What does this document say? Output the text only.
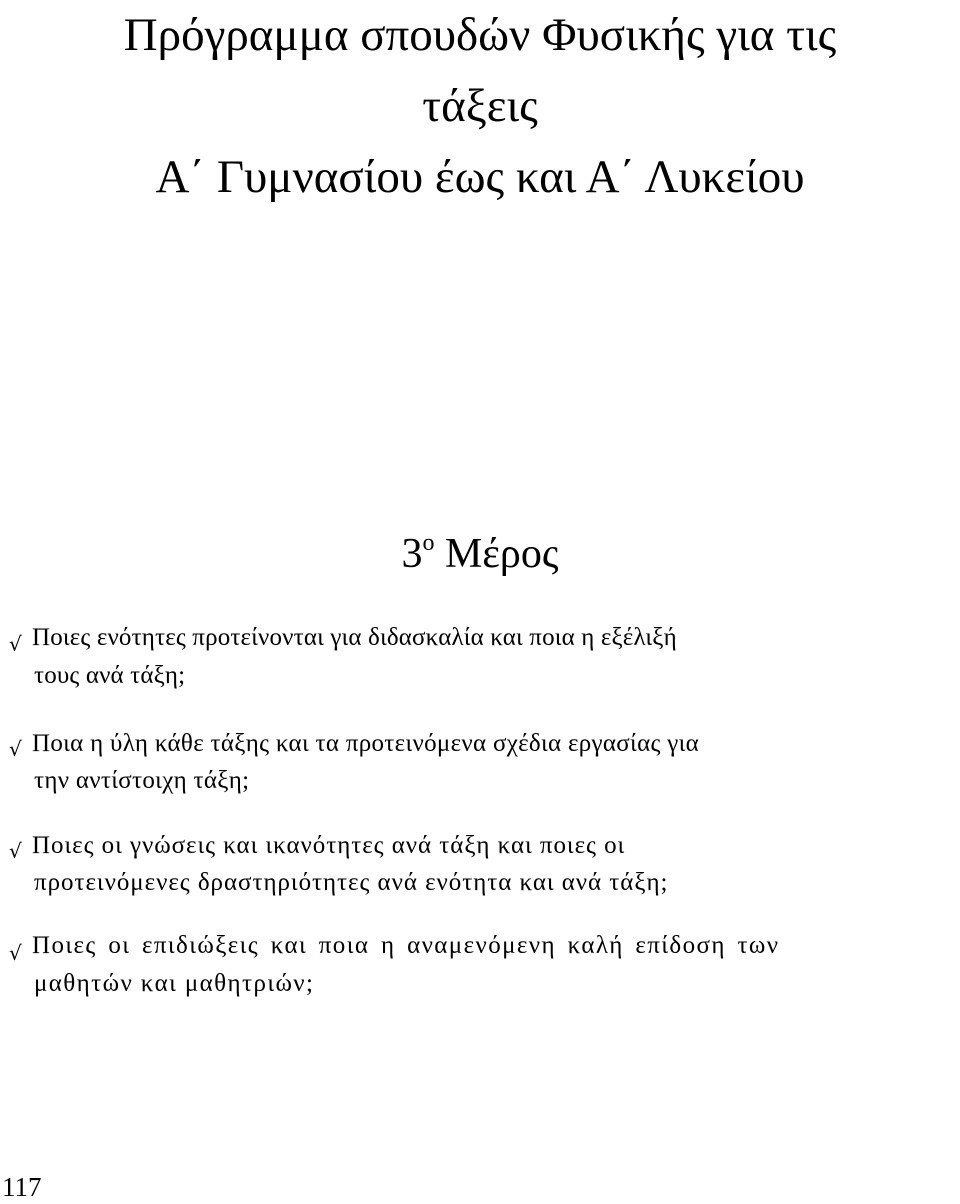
Πρόγραμμα σπουδών Φυσικής για τις
τάξεις
Α΄ Γυμνασίου έως και Α΄ Λυκείου
$3^o$ Μέρος
√ Ποιες ενότητες προτείνονται για διδασκαλία και ποια η εξέλιξή
τους ανά τάξη;
√ Ποια η ύλη κάθε τάξης και τα προτεινόμενα σχέδια εργασίας για
την αντίστοιχη τάξη;
√ Ποιες οι γνώσεις και ικανότητες ανά τάξη και ποιες οι
προτεινόμενες δραστηριότητες ανά ενότητα και ανά τάξη;
√ Ποιες οι επιδιώξεις και ποια η αναμενόμενη καλή επίδοση των
μαθητών και μαθητριών;
117
